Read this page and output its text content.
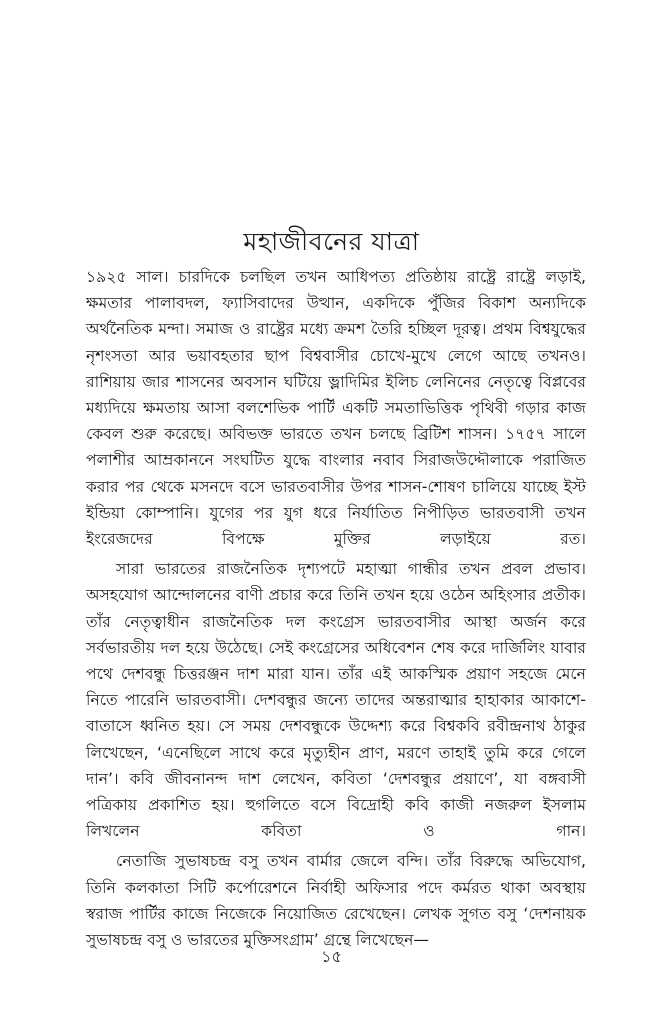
মহাজীবনের যাত্রা

১৯২৫ সাল। চারদিকে চলছিল তখন আধিপত্য প্রতিষ্ঠায় রাষ্ট্রে রাষ্ট্রে লড়াই, ক্ষমতার পালাবদল, ফ্যাসিবাদের উত্থান, একদিকে পুঁজির বিকাশ অন্যদিকে অর্থনৈতিক মন্দা। সমাজ ও রাষ্ট্রের মধ্যে ক্রমশ তৈরি হচ্ছিল দূরত্ব। প্রথম বিশ্বযুদ্ধের নৃশংসতা আর ভয়াবহতার ছাপ বিশ্ববাসীর চোখে-মুখে লেগে আছে তখনও। রাশিয়ায় জার শাসনের অবসান ঘটিয়ে ভ্লাদিমির ইলিচ লেনিনের নেতৃত্বে বিপ্লবের মধ্যদিয়ে ক্ষমতায় আসা বলশেভিক পার্টি একটি সমতাভিত্তিক পৃথিবী গড়ার কাজ কেবল শুরু করেছে। অবিভক্ত ভারতে তখন চলছে ব্রিটিশ শাসন। ১৭৫৭ সালে পলাশীর আম্রকাননে সংঘটিত যুদ্ধে বাংলার নবাব সিরাজউদ্দৌলাকে পরাজিত করার পর থেকে মসনদে বসে ভারতবাসীর উপর শাসন-শোষণ চালিয়ে যাচ্ছে ইস্ট ইন্ডিয়া কোম্পানি। যুগের পর যুগ ধরে নির্যাতিত নিপীড়িত ভারতবাসী তখন ইংরেজদের বিপক্ষে মুক্তির লড়াইয়ে রত।

সারা ভারতের রাজনৈতিক দৃশ্যপটে মহাত্মা গান্ধীর তখন প্রবল প্রভাব। অসহযোগ আন্দোলনের বাণী প্রচার করে তিনি তখন হয়ে ওঠেন অহিংসার প্রতীক। তাঁর নেতৃত্বাধীন রাজনৈতিক দল কংগ্রেস ভারতবাসীর আস্থা অর্জন করে সর্বভারতীয় দল হয়ে উঠেছে। সেই কংগ্রেসের অধিবেশন শেষ করে দার্জিলিং যাবার পথে দেশবন্ধু চিত্তরঞ্জন দাশ মারা যান। তাঁর এই আকস্মিক প্রয়াণ সহজে মেনে নিতে পারেনি ভারতবাসী। দেশবন্ধুর জন্যে তাদের অন্তরাত্মার হাহাকার আকাশে-বাতাসে ধ্বনিত হয়। সে সময় দেশবন্ধুকে উদ্দেশ্য করে বিশ্বকবি রবীন্দ্রনাথ ঠাকুর লিখেছেন, ‘এনেছিলে সাথে করে মৃত্যুহীন প্রাণ, মরণে তাহাই তুমি করে গেলে দান’। কবি জীবনানন্দ দাশ লেখেন, কবিতা ‘দেশবন্ধুর প্রয়াণে’, যা বঙ্গবাসী পত্রিকায় প্রকাশিত হয়। হুগলিতে বসে বিদ্রোহী কবি কাজী নজরুল ইসলাম লিখলেন কবিতা ও গান।

নেতাজি সুভাষচন্দ্র বসু তখন বার্মার জেলে বন্দি। তাঁর বিরুদ্ধে অভিযোগ, তিনি কলকাতা সিটি কর্পোরেশনে নির্বাহী অফিসার পদে কর্মরত থাকা অবস্থায় স্বরাজ পার্টির কাজে নিজেকে নিয়োজিত রেখেছেন। লেখক সুগত বসু ‘দেশনায়ক সুভাষচন্দ্র বসু ও ভারতের মুক্তিসংগ্রাম’ গ্রন্থে লিখেছেন—

১৫
